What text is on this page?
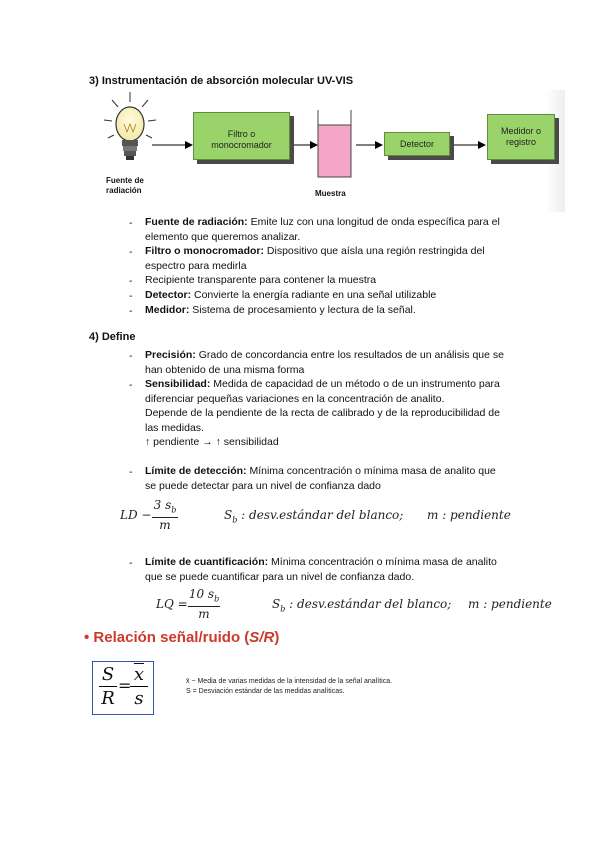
3) Instrumentación de absorción molecular UV-VIS
Filtro o monocromador	Detector
Medidor o registro
Fuente de radiación	Muestra
- Fuente de radiación: Emite luz con una longitud de onda específica para el
elemento que queremos analizar.
- Filtro o monocromador: Dispositivo que aísla una región restringida del
espectro para medirla
- Recipiente transparente para contener la muestra
- Detector: Convierte la energía radiante en una señal utilizable
- Medidor: Sistema de procesamiento y lectura de la señal.
4) Define
- Precisión: Grado de concordancia entre los resultados de un análisis que se
han obtenido de una misma forma
- Sensibilidad: Medida de capacidad de un método o de un instrumento para
diferenciar pequeñas variaciones en la concentración de analito.
Depende de la pendiente de la recta de calibrado y de la reproducibilidad de
las medidas.
↑ pendiente → ↑ sensibilidad
- Límite de detección: Mínima concentración o mínima masa de analito que
se puede detectar para un nivel de confianza dado
LD −
3 $s_b$
m
$S_b$ : desv.estándar del blanco; m : pendiente
- Límite de cuantificación: Mínima concentración o mínima masa de analito
que se puede cuantificar para un nivel de confianza dado.
LQ =
10 $s_b$
m
$S_b$ : desv.estándar del blanco; m : pendiente
• Relación señal/ruido (S/R)
S
R
=
$\overline{x}$
s
x̄ − Media de varias medidas de la intensidad de la señal analítica.
S = Desviación estándar de las medidas analíticas.
